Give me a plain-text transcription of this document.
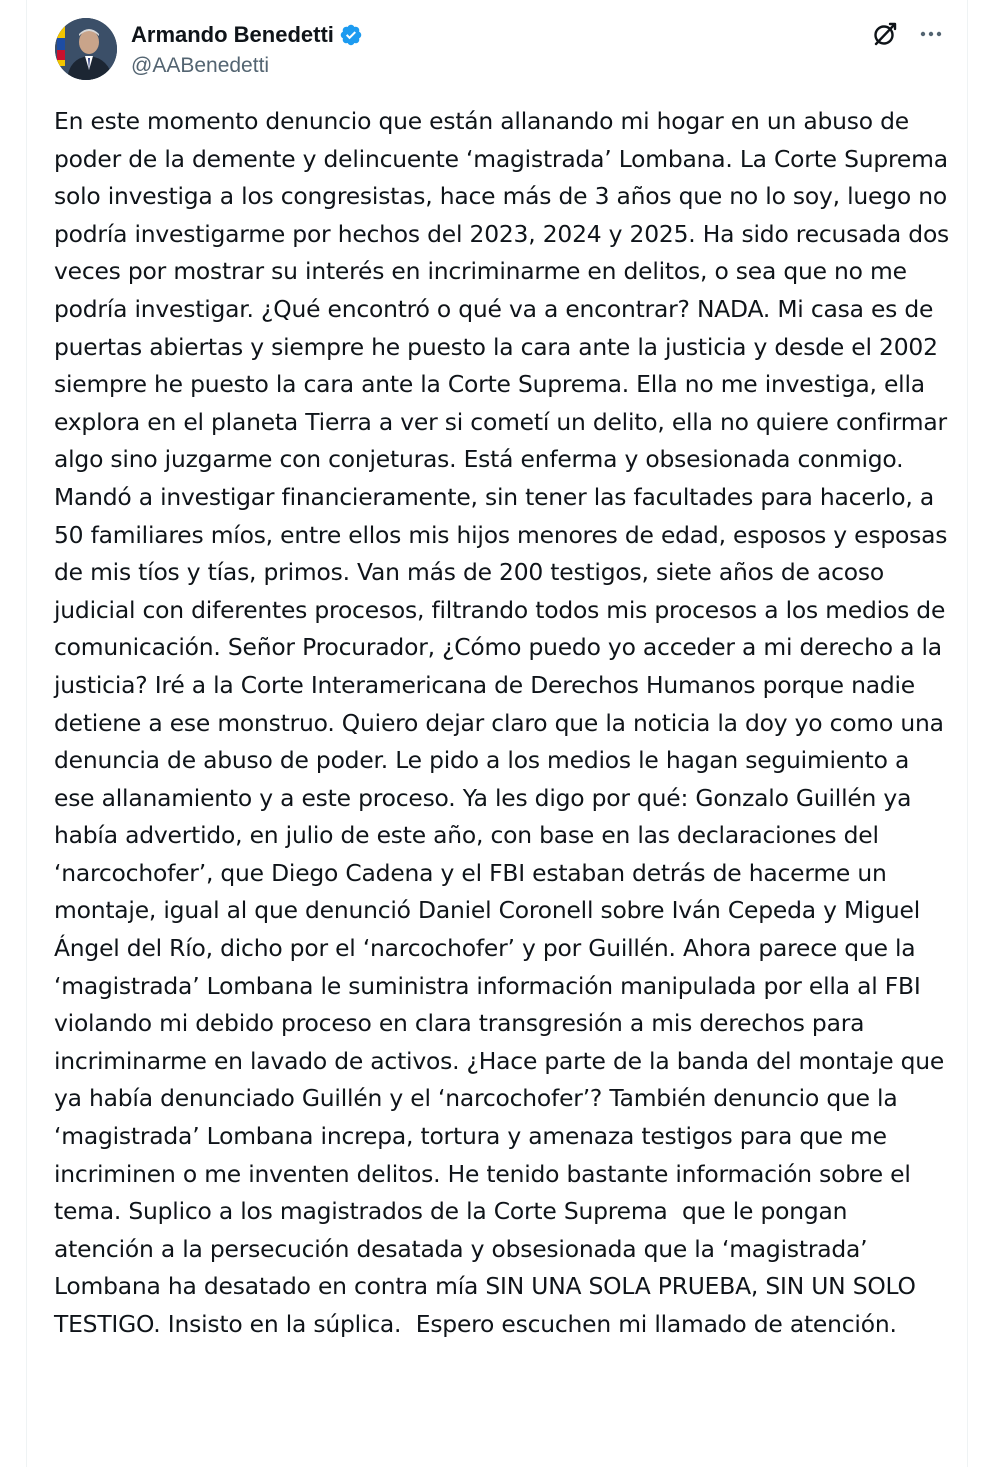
Armando Benedetti
@AABenedetti

En este momento denuncio que están allanando mi hogar en un abuso de poder de la demente y delincuente ‘magistrada’ Lombana. La Corte Suprema solo investiga a los congresistas, hace más de 3 años que no lo soy, luego no podría investigarme por hechos del 2023, 2024 y 2025. Ha sido recusada dos veces por mostrar su interés en incriminarme en delitos, o sea que no me podría investigar. ¿Qué encontró o qué va a encontrar? NADA. Mi casa es de puertas abiertas y siempre he puesto la cara ante la justicia y desde el 2002 siempre he puesto la cara ante la Corte Suprema. Ella no me investiga, ella explora en el planeta Tierra a ver si cometí un delito, ella no quiere confirmar algo sino juzgarme con conjeturas. Está enferma y obsesionada conmigo. Mandó a investigar financieramente, sin tener las facultades para hacerlo, a 50 familiares míos, entre ellos mis hijos menores de edad, esposos y esposas de mis tíos y tías, primos. Van más de 200 testigos, siete años de acoso judicial con diferentes procesos, filtrando todos mis procesos a los medios de comunicación. Señor Procurador, ¿Cómo puedo yo acceder a mi derecho a la justicia? Iré a la Corte Interamericana de Derechos Humanos porque nadie detiene a ese monstruo. Quiero dejar claro que la noticia la doy yo como una denuncia de abuso de poder. Le pido a los medios le hagan seguimiento a ese allanamiento y a este proceso. Ya les digo por qué: Gonzalo Guillén ya había advertido, en julio de este año, con base en las declaraciones del ‘narcochofer’, que Diego Cadena y el FBI estaban detrás de hacerme un montaje, igual al que denunció Daniel Coronell sobre Iván Cepeda y Miguel Ángel del Río, dicho por el ‘narcochofer’ y por Guillén. Ahora parece que la ‘magistrada’ Lombana le suministra información manipulada por ella al FBI violando mi debido proceso en clara transgresión a mis derechos para incriminarme en lavado de activos. ¿Hace parte de la banda del montaje que ya había denunciado Guillén y el ‘narcochofer’? También denuncio que la ‘magistrada’ Lombana increpa, tortura y amenaza testigos para que me incriminen o me inventen delitos. He tenido bastante información sobre el tema. Suplico a los magistrados de la Corte Suprema  que le pongan atención a la persecución desatada y obsesionada que la ‘magistrada’ Lombana ha desatado en contra mía SIN UNA SOLA PRUEBA, SIN UN SOLO TESTIGO. Insisto en la súplica.  Espero escuchen mi llamado de atención.
